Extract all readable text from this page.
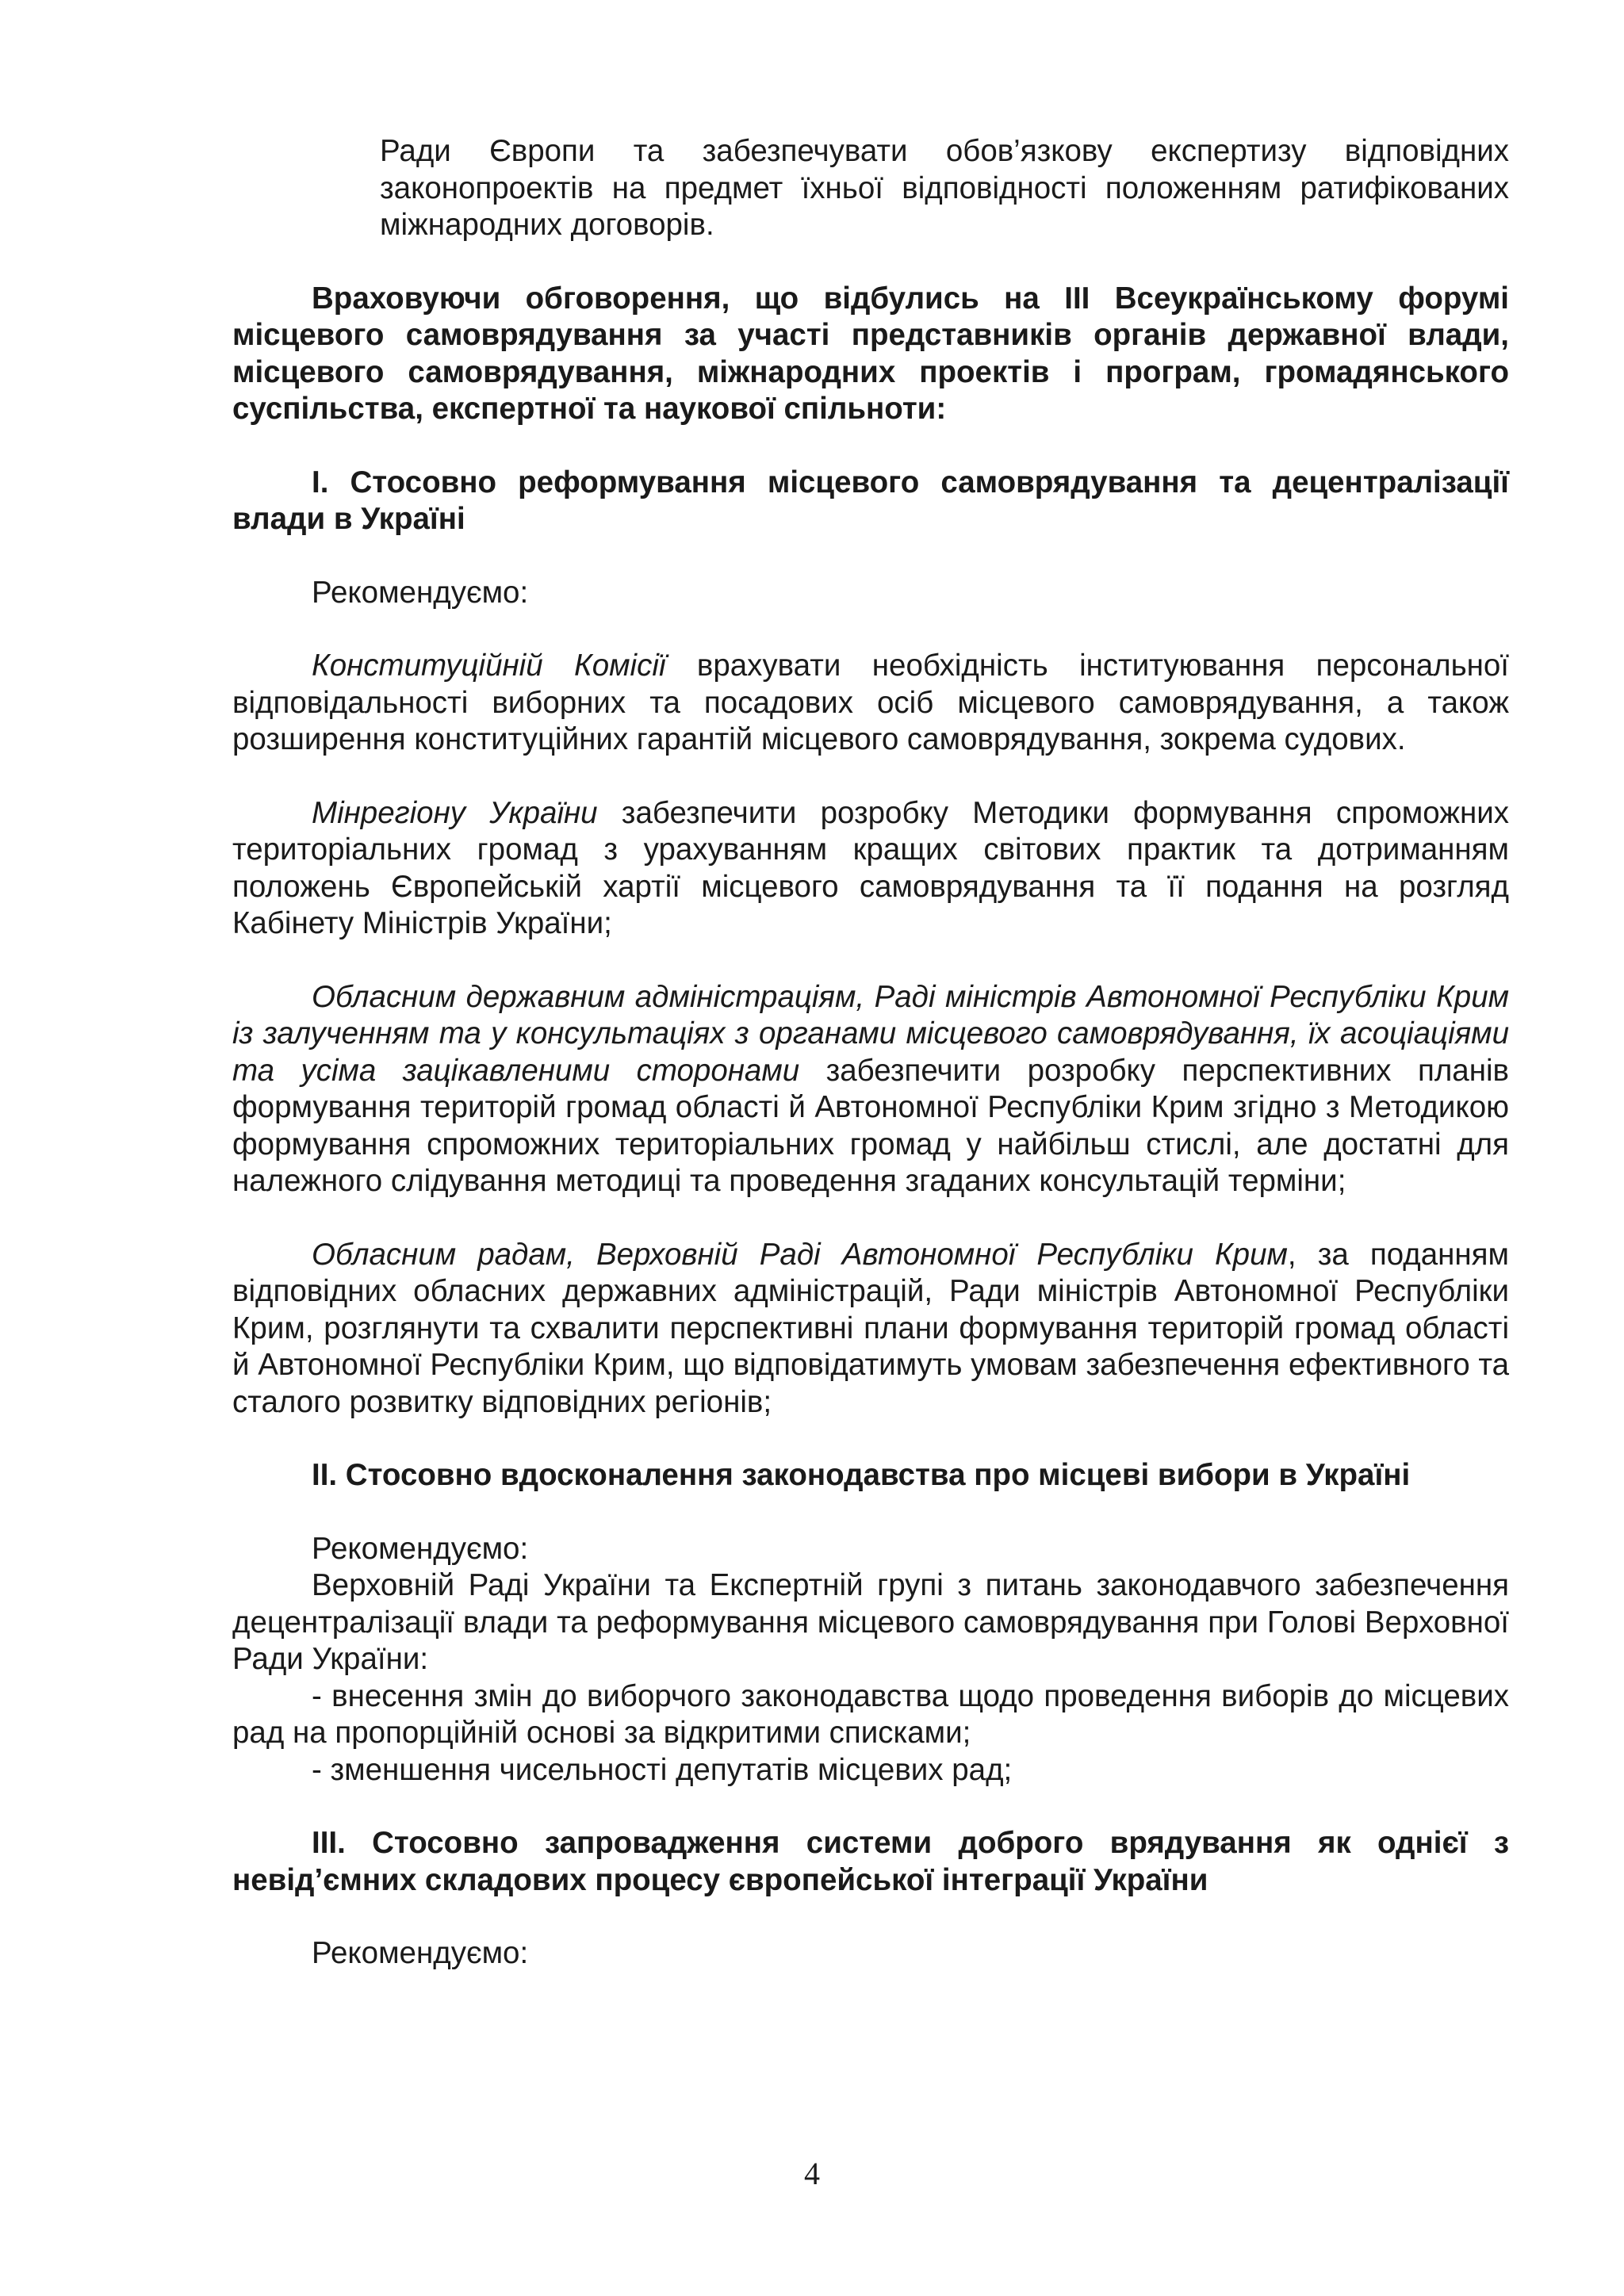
Ради Європи та забезпечувати обов’язкову експертизу відповідних законопроектів на предмет їхньої відповідності положенням ратифікованих міжнародних договорів.

Враховуючи обговорення, що відбулись на ІІІ Всеукраїнському форумі місцевого самоврядування за участі представників органів державної влади, місцевого самоврядування, міжнародних проектів і програм, громадянського суспільства, експертної та наукової спільноти:

І. Стосовно реформування місцевого самоврядування та децентралізації влади в Україні

Рекомендуємо:

Конституційній Комісії врахувати необхідність інституювання персональної відповідальності виборних та посадових осіб місцевого самоврядування, а також розширення конституційних гарантій місцевого самоврядування, зокрема судових.

Мінрегіону України забезпечити розробку Методики формування спроможних територіальних громад з урахуванням кращих світових практик та дотриманням положень Європейській хартії місцевого самоврядування та її подання на розгляд Кабінету Міністрів України;

Обласним державним адміністраціям, Раді міністрів Автономної Республіки Крим із залученням та у консультаціях з органами місцевого самоврядування, їх асоціаціями та усіма зацікавленими сторонами забезпечити розробку перспективних планів формування територій громад області й Автономної Республіки Крим згідно з Методикою формування спроможних територіальних громад у найбільш стислі, але достатні для належного слідування методиці та проведення згаданих консультацій терміни;

Обласним радам, Верховній Раді Автономної Республіки Крим, за поданням відповідних обласних державних адміністрацій, Ради міністрів Автономної Республіки Крим, розглянути та схвалити перспективні плани формування територій громад області й Автономної Республіки Крим, що відповідатимуть умовам забезпечення ефективного та сталого розвитку відповідних регіонів;

ІІ. Стосовно вдосконалення законодавства про місцеві вибори в Україні

Рекомендуємо:

Верховній Раді України та Експертній групі з питань законодавчого забезпечення децентралізації влади та реформування місцевого самоврядування при Голові Верховної Ради України:

- внесення змін до виборчого законодавства щодо проведення виборів до місцевих рад на пропорційній основі за відкритими списками;

- зменшення чисельності депутатів місцевих рад;

ІІІ. Стосовно запровадження системи доброго врядування як однієї з невід’ємних складових процесу європейської інтеграції України

Рекомендуємо:

4
